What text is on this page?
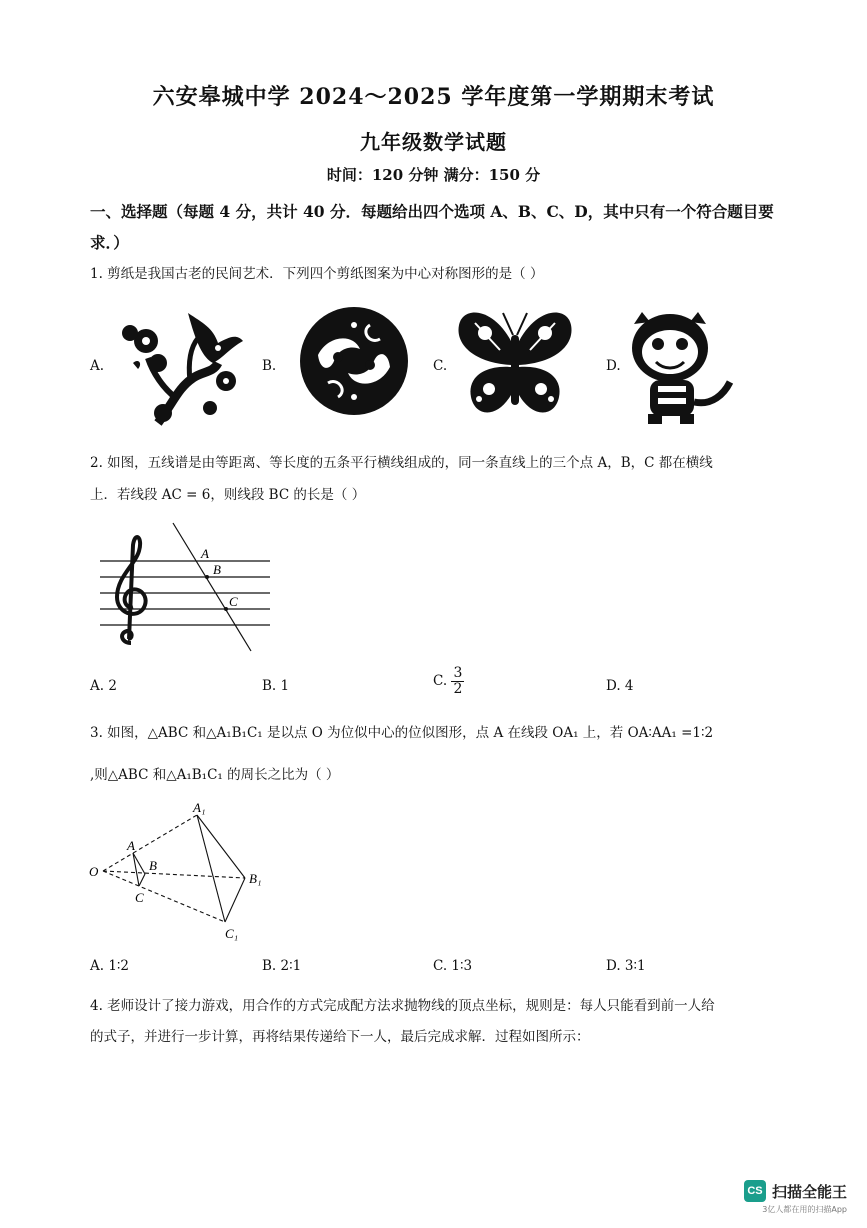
六安皋城中学 2024～2025 学年度第一学期期末考试
九年级数学试题
时间：120 分钟 满分：150 分
一、选择题（每题 4 分，共计 40 分．每题给出四个选项 A、B、C、D，其中只有一个符合题目要求．）
1. 剪纸是我国古老的民间艺术．下列四个剪纸图案为中心对称图形的是（ ）
A.	B.	C.	D.
2. 如图，五线谱是由等距离、等长度的五条平行横线组成的，同一条直线上的三个点 A，B，C 都在横线
上．若线段 AC = 6，则线段 BC 的长是（ ）
A
B
C
A. 2	B. 1	C. $\frac{3}{2}$	D. 4
3. 如图，△ABC 和△A₁B₁C₁ 是以点 O 为位似中心的位似图形，点 A 在线段 OA₁ 上，若 OA∶AA₁ =1∶2
,则△ABC 和△A₁B₁C₁ 的周长之比为（ ）
O
A
B
C
A₁
B₁
C₁
A. 1∶2	B. 2∶1	C. 1∶3	D. 3∶1
4. 老师设计了接力游戏，用合作的方式完成配方法求抛物线的顶点坐标，规则是：每人只能看到前一人给
的式子，并进行一步计算，再将结果传递给下一人，最后完成求解．过程如图所示：
CS 扫描全能王
3亿人都在用的扫描App
